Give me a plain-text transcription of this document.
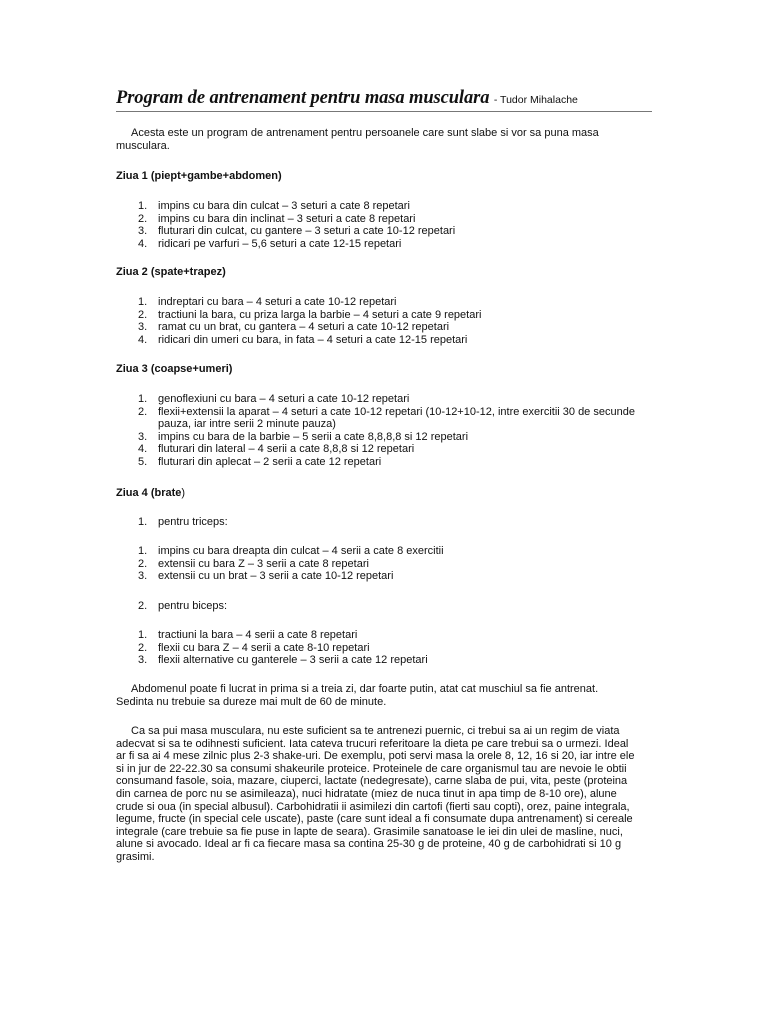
Program de antrenament pentru masa musculara - Tudor Mihalache
Acesta este un program de antrenament pentru persoanele care sunt slabe si vor sa puna masa musculara.
Ziua 1 (piept+gambe+abdomen)
1. impins cu bara din culcat – 3 seturi a cate 8 repetari
2. impins cu bara din inclinat – 3 seturi a cate 8 repetari
3. fluturari din culcat, cu gantere – 3 seturi a cate 10-12 repetari
4. ridicari pe varfuri – 5,6 seturi a cate 12-15 repetari
Ziua 2 (spate+trapez)
1. indreptari cu bara – 4 seturi a cate 10-12 repetari
2. tractiuni la bara, cu priza larga la barbie – 4 seturi a cate 9 repetari
3. ramat cu un brat, cu gantera – 4 seturi a cate 10-12 repetari
4. ridicari din umeri cu bara, in fata – 4 seturi a cate 12-15 repetari
Ziua 3 (coapse+umeri)
1. genoflexiuni cu bara – 4 seturi a cate 10-12 repetari
2. flexii+extensii la aparat – 4 seturi a cate 10-12 repetari (10-12+10-12, intre exercitii 30 de secunde pauza, iar intre serii 2 minute pauza)
3. impins cu bara de la barbie – 5 serii a cate 8,8,8,8 si 12 repetari
4. fluturari din lateral – 4 serii a cate 8,8,8 si 12 repetari
5. fluturari din aplecat – 2 serii a cate 12 repetari
Ziua 4 (brate)
1. pentru triceps:
1. impins cu bara dreapta din culcat – 4 serii a cate 8 exercitii
2. extensii cu bara Z – 3 serii a cate 8 repetari
3. extensii cu un brat – 3 serii a cate 10-12 repetari
2. pentru biceps:
1. tractiuni la bara – 4 serii a cate 8 repetari
2. flexii cu bara Z – 4 serii a cate 8-10 repetari
3. flexii alternative cu ganterele – 3 serii a cate 12 repetari
Abdomenul poate fi lucrat in prima si a treia zi, dar foarte putin, atat cat muschiul sa fie antrenat. Sedinta nu trebuie sa dureze mai mult de 60 de minute.
Ca sa pui masa musculara, nu este suficient sa te antrenezi puernic, ci trebui sa ai un regim de viata adecvat si sa te odihnesti suficient. Iata cateva trucuri referitoare la dieta pe care trebui sa o urmezi. Ideal ar fi sa ai 4 mese zilnic plus 2-3 shake-uri. De exemplu, poti servi masa la orele 8, 12, 16 si 20, iar intre ele si in jur de 22-22.30 sa consumi shakeurile proteice. Proteinele de care organismul tau are nevoie le obtii consumand fasole, soia, mazare, ciuperci, lactate (nedegresate), carne slaba de pui, vita, peste (proteina din carnea de porc nu se asimileaza), nuci hidratate (miez de nuca tinut in apa timp de 8-10 ore), alune crude si oua (in special albusul). Carbohidratii ii asimilezi din cartofi (fierti sau copti), orez, paine integrala, legume, fructe (in special cele uscate), paste (care sunt ideal a fi consumate dupa antrenament) si cereale integrale (care trebuie sa fie puse in lapte de seara). Grasimile sanatoase le iei din ulei de masline, nuci, alune si avocado. Ideal ar fi ca fiecare masa sa contina 25-30 g de proteine, 40 g de carbohidrati si 10 g grasimi.
